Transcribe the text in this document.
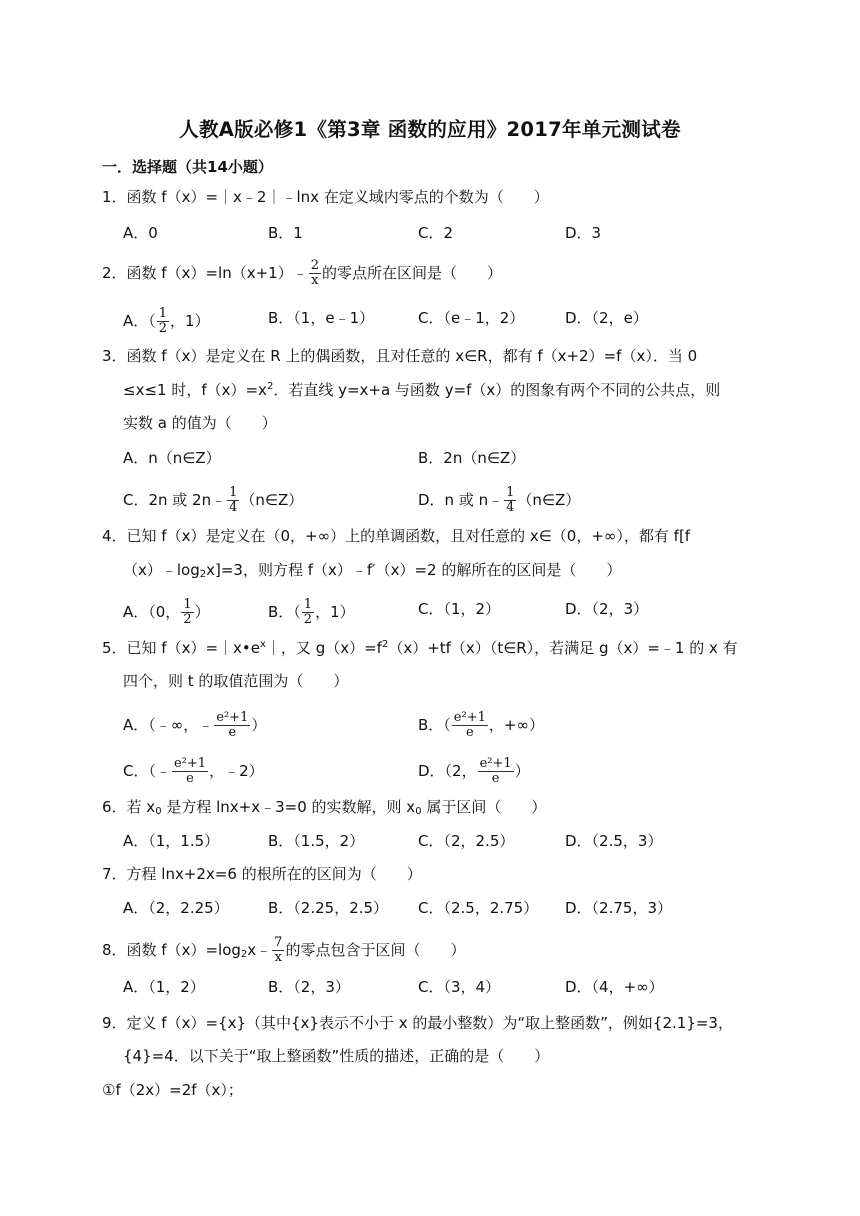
人教A版必修1《第3章 函数的应用》2017年单元测试卷
一．选择题（共14小题）
1．函数 f（x）=｜x﹣2｜﹣lnx 在定义域内零点的个数为（　　）
A．0	B．1	C．2	D．3
2．函数 f（x）=ln（x+1）﹣ $\frac{2}{x}$ 的零点所在区间是（　　）
A．（ $\frac{1}{2}$ ，1）	B．（1，e﹣1）	C．（e﹣1，2）	D．（2，e）
3．函数 f（x）是定义在 R 上的偶函数，且对任意的 x∈R，都有 f（x+2）=f（x）．当 0
≤x≤1 时，$f(x)=x^2$．若直线 y=x+a 与函数 y=f（x）的图象有两个不同的公共点，则
实数 a 的值为（　　）
A．n（n∈Z）	B．2n（n∈Z）
C．2n 或 2n﹣ $\frac{1}{4}$ （n∈Z）	D．n 或 n﹣ $\frac{1}{4}$ （n∈Z）
4．已知 f（x）是定义在（0，+∞）上的单调函数，且对任意的 x∈（0，+∞），都有 f[f
$(x)﹣\log_2x]=3$，则方程 f（x）﹣f′（x）=2 的解所在的区间是（　　）
A．（0， $\frac{1}{2}$ ）	B．（ $\frac{1}{2}$ ，1）	C．（1，2）	D．（2，3）
5．已知 $f(x)=|x•e^x|$，又 $g(x)=f^2(x)+tf(x)(t\in R)$，若满足 g（x）=﹣1 的 x 有
四个，则 t 的取值范围为（　　）
A．（﹣∞，﹣ $\frac{\text{e²+1}}{e}$ ）	B．（ $\frac{\text{e²+1}}{e}$ ，+∞）
C．（﹣ $\frac{\text{e²+1}}{e}$ ，﹣2）	D．（2， $\frac{\text{e²+1}}{e}$ ）
6．若 $x_0$ 是方程 lnx+x﹣3=0 的实数解，则 $x_0$ 属于区间（　　）
A．（1，1.5）	B．（1.5，2）	C．（2，2.5）	D．（2.5，3）
7．方程 lnx+2x=6 的根所在的区间为（　　）
A．（2，2.25）	B．（2.25，2.5） C．（2.5，2.75） D．（2.75，3）
8．函数 $f(x)=\log_2x﹣ \frac{7}{x}$ 的零点包含于区间（　　）
A．（1，2）	B．（2，3）	C．（3，4）	D．（4，+∞）
9．定义 f（x）={x}（其中{x}表示不小于 x 的最小整数）为“取上整函数”，例如{2.1}=3，
{4}=4．以下关于“取上整函数”性质的描述，正确的是（　　）
①f（2x）=2f（x）；
